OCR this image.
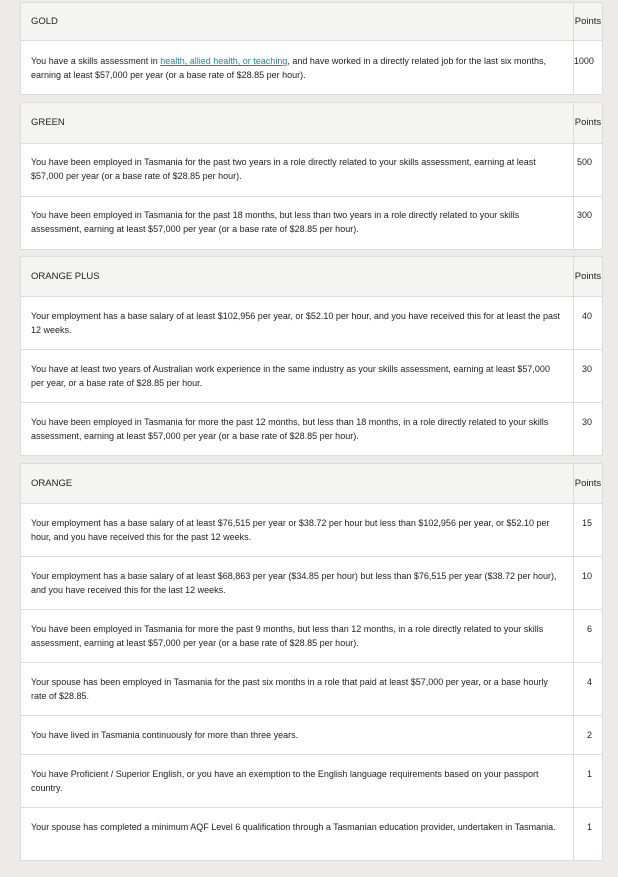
GOLD	Points
You have a skills assessment in health, allied health, or teaching, and have worked in a directly related job for the last six months, earning at least $57,000 per year (or a base rate of $28.85 per hour).	1000
GREEN	Points
You have been employed in Tasmania for the past two years in a role directly related to your skills assessment, earning at least $57,000 per year (or a base rate of $28.85 per hour).	500
You have been employed in Tasmania for the past 18 months, but less than two years in a role directly related to your skills assessment, earning at least $57,000 per year (or a base rate of $28.85 per hour).	300
ORANGE PLUS	Points
Your employment has a base salary of at least $102,956 per year, or $52.10 per hour, and you have received this for at least the past 12 weeks.	40
You have at least two years of Australian work experience in the same industry as your skills assessment, earning at least $57,000 per year, or a base rate of $28.85 per hour.	30
You have been employed in Tasmania for more the past 12 months, but less than 18 months, in a role directly related to your skills assessment, earning at least $57,000 per year (or a base rate of $28.85 per hour).	30
ORANGE	Points
Your employment has a base salary of at least $76,515 per year or $38.72 per hour but less than $102,956 per year, or $52.10 per hour, and you have received this for the past 12 weeks.	15
Your employment has a base salary of at least $68,863 per year ($34.85 per hour) but less than $76,515 per year ($38.72 per hour), and you have received this for the last 12 weeks.	10
You have been employed in Tasmania for more the past 9 months, but less than 12 months, in a role directly related to your skills assessment, earning at least $57,000 per year (or a base rate of $28.85 per hour).	6
Your spouse has been employed in Tasmania for the past six months in a role that paid at least $57,000 per year, or a base hourly rate of $28.85.	4
You have lived in Tasmania continuously for more than three years.	2
You have Proficient / Superior English, or you have an exemption to the English language requirements based on your passport country.	1
Your spouse has completed a minimum AQF Level 6 qualification through a Tasmanian education provider, undertaken in Tasmania.	1
